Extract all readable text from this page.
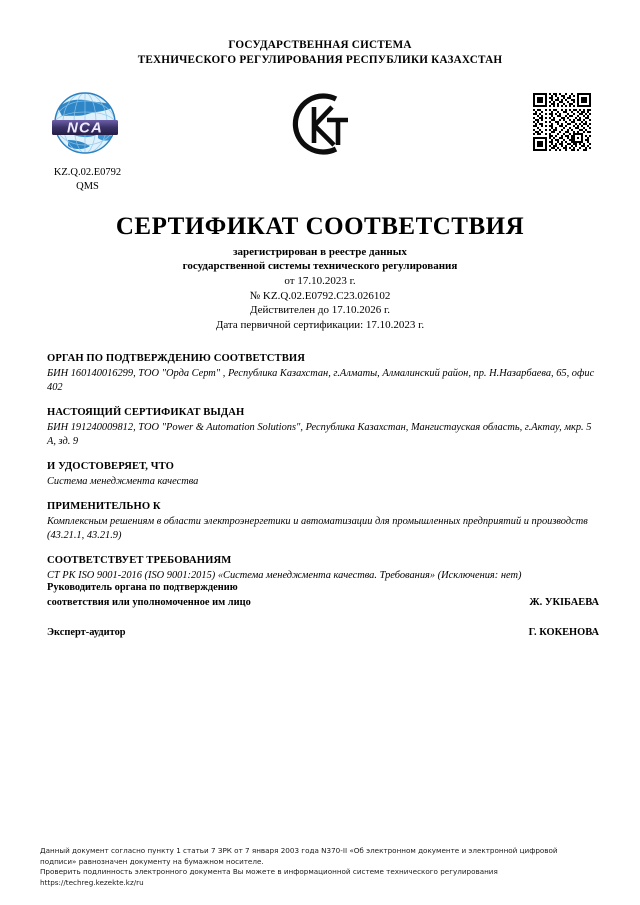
ГОСУДАРСТВЕННАЯ СИСТЕМА
ТЕХНИЧЕСКОГО РЕГУЛИРОВАНИЯ РЕСПУБЛИКИ КАЗАХСТАН
NCA
KZ.Q.02.E0792
QMS
СЕРТИФИКАТ СООТВЕТСТВИЯ
зарегистрирован в реестре данных
государственной системы технического регулирования
от 17.10.2023 г.
№ KZ.Q.02.E0792.C23.026102
Действителен до 17.10.2026 г.
Дата первичной сертификации: 17.10.2023 г.
ОРГАН ПО ПОДТВЕРЖДЕНИЮ СООТВЕТСТВИЯ
БИН 160140016299, ТОО "Орда Серт" , Республика Казахстан, г.Алматы, Алмалинский район, пр. Н.Назарбаева, 65, офис 402
НАСТОЯЩИЙ СЕРТИФИКАТ ВЫДАН
БИН 191240009812, ТОО "Power & Automation Solutions", Республика Казахстан, Мангистауская область, г.Актау, мкр. 5 А, зд. 9
И УДОСТОВЕРЯЕТ, ЧТО
Система менеджмента качества
ПРИМЕНИТЕЛЬНО К
Комплексным решениям в области электроэнергетики и автоматизации для промышленных предприятий и производств (43.21.1, 43.21.9)
СООТВЕТСТВУЕТ ТРЕБОВАНИЯМ
СТ РК ISO 9001-2016 (ISO 9001:2015) «Система менеджмента качества. Требования» (Исключения: нет)
Руководитель органа по подтверждению
соответствия или уполномоченное им лицо	Ж. УКІБАЕВА
Эксперт-аудитор	Г. КОКЕНОВА
Данный документ согласно пункту 1 статьи 7 ЗРК от 7 января 2003 года N370-II «Об электронном документе и электронной цифровой
подписи» равнозначен документу на бумажном носителе.
Проверить подлинность электронного документа Вы можете в информационной системе технического регулирования
https://techreg.kezekte.kz/ru
